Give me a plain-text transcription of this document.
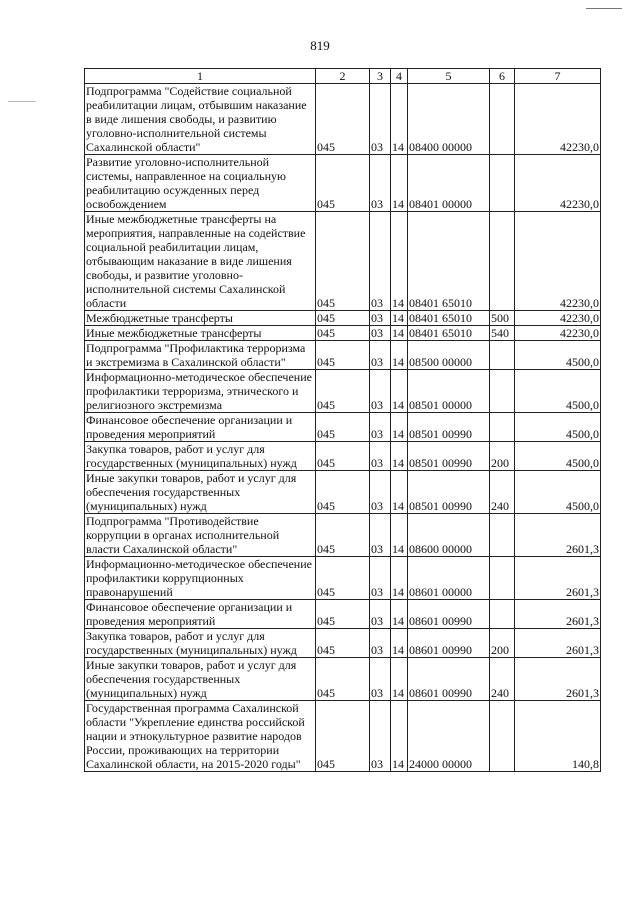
819
1	2	3	4	5	6	7
Подпрограмма "Содействие социальной реабилитации лицам, отбывшим наказание в виде лишения свободы, и развитию уголовно-исполнительной системы Сахалинской области"	045	03	14	08400 00000		42230,0
Развитие уголовно-исполнительной системы, направленное на социальную реабилитацию осужденных перед освобождением	045	03	14	08401 00000		42230,0
Иные межбюджетные трансферты на мероприятия, направленные на содействие социальной реабилитации лицам, отбывающим наказание в виде лишения свободы, и развитие уголовно-исполнительной системы Сахалинской области	045	03	14	08401 65010		42230,0
Межбюджетные трансферты	045	03	14	08401 65010	500	42230,0
Иные межбюджетные трансферты	045	03	14	08401 65010	540	42230,0
Подпрограмма "Профилактика терроризма и экстремизма в Сахалинской области"	045	03	14	08500 00000		4500,0
Информационно-методическое обеспечение профилактики терроризма, этнического и религиозного экстремизма	045	03	14	08501 00000		4500,0
Финансовое обеспечение организации и проведения мероприятий	045	03	14	08501 00990		4500,0
Закупка товаров, работ и услуг для государственных (муниципальных) нужд	045	03	14	08501 00990	200	4500,0
Иные закупки товаров, работ и услуг для обеспечения государственных (муниципальных) нужд	045	03	14	08501 00990	240	4500,0
Подпрограмма "Противодействие коррупции в органах исполнительной власти Сахалинской области"	045	03	14	08600 00000		2601,3
Информационно-методическое обеспечение профилактики коррупционных правонарушений	045	03	14	08601 00000		2601,3
Финансовое обеспечение организации и проведения мероприятий	045	03	14	08601 00990		2601,3
Закупка товаров, работ и услуг для государственных (муниципальных) нужд	045	03	14	08601 00990	200	2601,3
Иные закупки товаров, работ и услуг для обеспечения государственных (муниципальных) нужд	045	03	14	08601 00990	240	2601,3
Государственная программа Сахалинской области "Укрепление единства российской нации и этнокультурное развитие народов России, проживающих на территории Сахалинской области, на 2015-2020 годы"	045	03	14	24000 00000		140,8
